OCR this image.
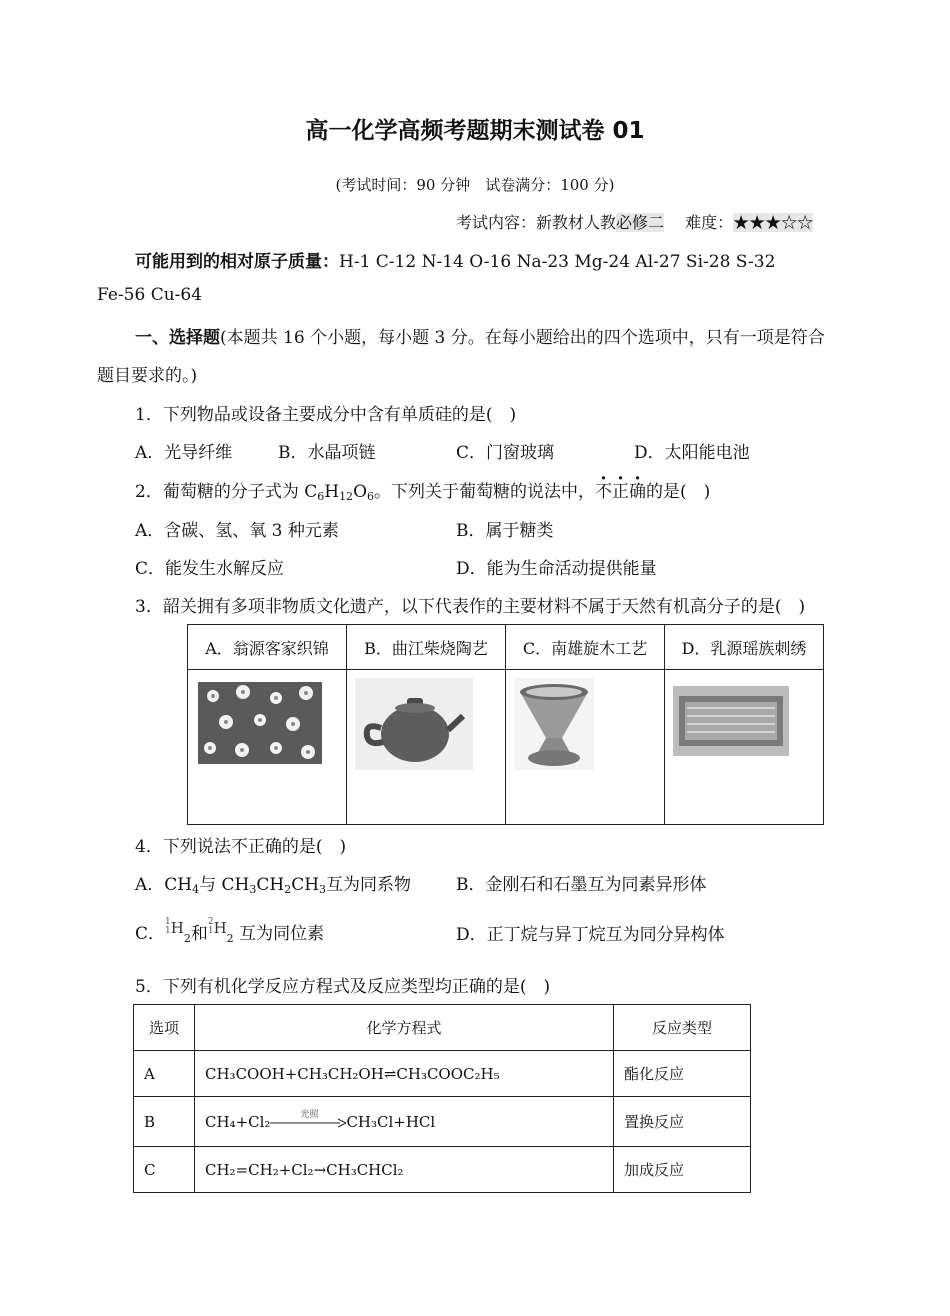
高一化学高频考题期末测试卷 01
(考试时间：90 分钟　试卷满分：100 分)
考试内容：新教材人教必修二　 难度：★★★☆☆
可能用到的相对原子质量：H-1 C-12 N-14 O-16 Na-23 Mg-24 Al-27 Si-28 S-32
Fe-56 Cu-64
一、选择题(本题共 16 个小题，每小题 3 分。在每小题给出的四个选项中，只有一项是符合
题目要求的。)
1．下列物品或设备主要成分中含有单质硅的是(　)
A．光导纤维	B．水晶项链	C．门窗玻璃	D．太阳能电池
2．葡萄糖的分子式为 $C_6H_{12}O_6$。下列关于葡萄糖的说法中，不正确的是(　)
A．含碳、氢、氧 3 种元素	B．属于糖类
C．能发生水解反应	D．能为生命活动提供能量
3．韶关拥有多项非物质文化遗产，以下代表作的主要材料不属于天然有机高分子的是(　)
A．翁源客家织锦	B．曲江柴烧陶艺	C．南雄旋木工艺	D．乳源瑶族刺绣

4．下列说法不正确的是(　)
A．$CH_4$与 $CH_3CH_2CH_3$互为同系物	B．金刚石和石墨互为同素异形体
C．1
$1H_2$和2
$1H_2$ 互为同位素	D．正丁烷与异丁烷互为同分异构体
5．下列有机化学反应方程式及反应类型均正确的是(　)
选项	化学方程式	反应类型
A	CH₃COOH+CH₃CH₂OH⇌CH₃COOC₂H₅	酯化反应
B	CH₄+Cl₂ 光照 CH₃Cl+HCl	置换反应
C	CH₂=CH₂+Cl₂→CH₃CHCl₂	加成反应
